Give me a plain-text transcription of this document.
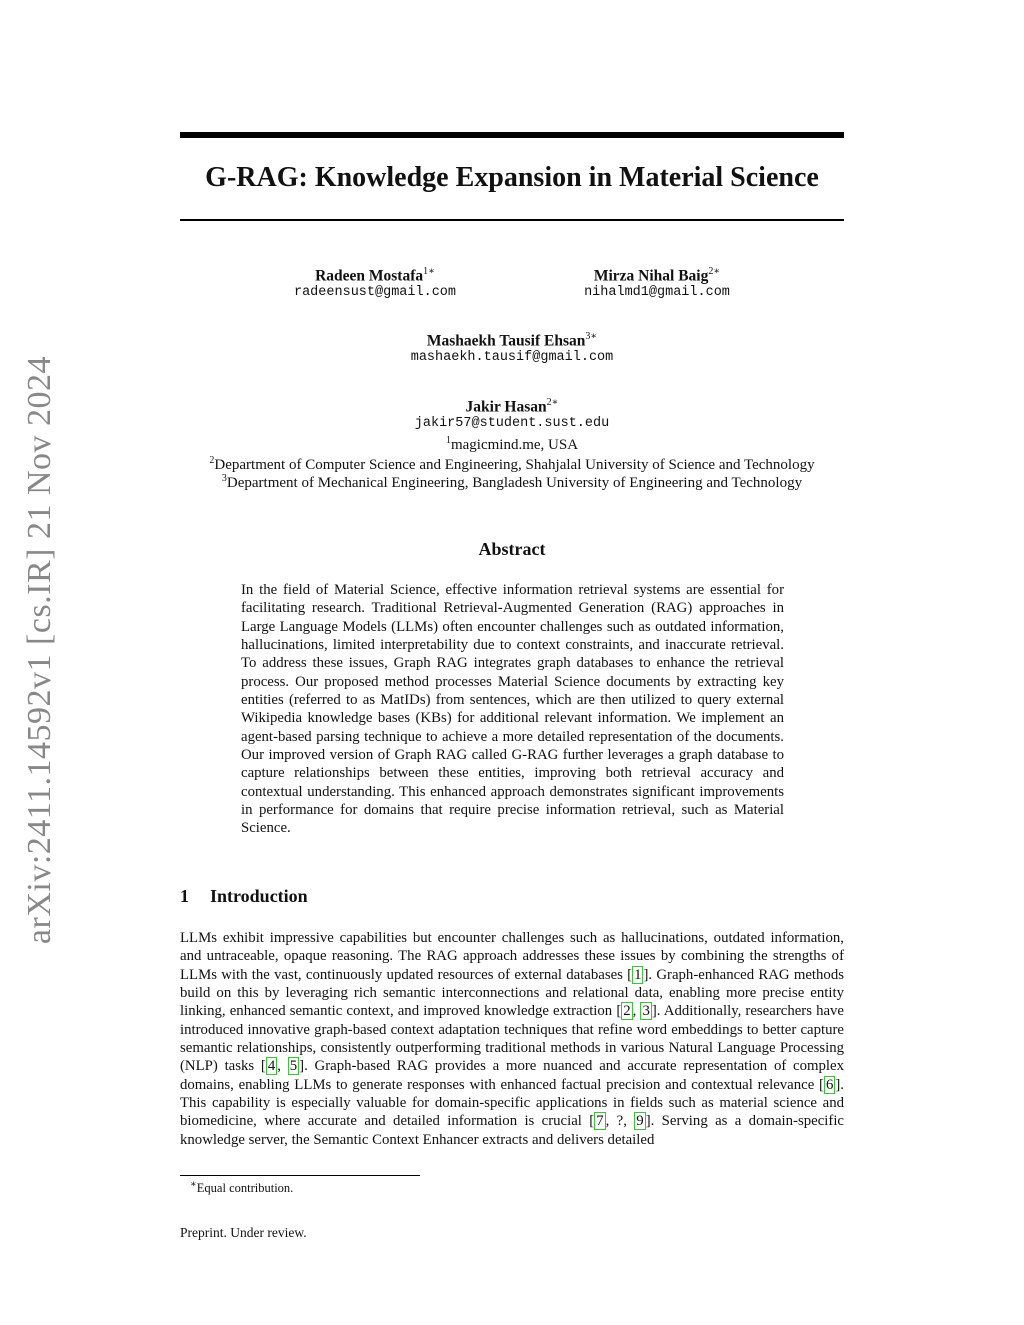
arXiv:2411.14592v1 [cs.IR] 21 Nov 2024
G-RAG: Knowledge Expansion in Material Science
Radeen Mostafa$^{1∗}$
radeensust@gmail.com
Mirza Nihal Baig$^{2∗}$
nihalmd1@gmail.com
Mashaekh Tausif Ehsan$^{3∗}$
mashaekh.tausif@gmail.com
Jakir Hasan$^{2∗}$
jakir57@student.sust.edu
$^1$magicmind.me, USA
$^2$Department of Computer Science and Engineering, Shahjalal University of Science and Technology
$^3$Department of Mechanical Engineering, Bangladesh University of Engineering and Technology
Abstract
In the field of Material Science, effective information retrieval systems are essential for facilitating research. Traditional Retrieval-Augmented Generation (RAG) approaches in Large Language Models (LLMs) often encounter challenges such as outdated information, hallucinations, limited interpretability due to context constraints, and inaccurate retrieval. To address these issues, Graph RAG integrates graph databases to enhance the retrieval process. Our proposed method processes Material Science documents by extracting key entities (referred to as MatIDs) from sentences, which are then utilized to query external Wikipedia knowledge bases (KBs) for additional relevant information. We implement an agent-based parsing technique to achieve a more detailed representation of the documents. Our improved version of Graph RAG called G-RAG further leverages a graph database to capture relationships between these entities, improving both retrieval accuracy and contextual understanding. This enhanced approach demonstrates significant improvements in performance for domains that require precise information retrieval, such as Material Science.
1 Introduction
LLMs exhibit impressive capabilities but encounter challenges such as hallucinations, outdated information, and untraceable, opaque reasoning. The RAG approach addresses these issues by combining the strengths of LLMs with the vast, continuously updated resources of external databases [ 1 ]. Graph-enhanced RAG methods build on this by leveraging rich semantic interconnections and relational data, enabling more precise entity linking, enhanced semantic context, and improved knowledge extraction [ 2 , 3 ]. Additionally, researchers have introduced innovative graph-based context adaptation techniques that refine word embeddings to better capture semantic relationships, consistently outperforming traditional methods in various Natural Language Processing (NLP) tasks [ 4 , 5 ]. Graph-based RAG provides a more nuanced and accurate representation of complex domains, enabling LLMs to generate responses with enhanced factual precision and contextual relevance [ 6 ]. This capability is especially valuable for domain-specific applications in fields such as material science and biomedicine, where accurate and detailed information is crucial [ 7 , ?, 9 ]. Serving as a domain-specific knowledge server, the Semantic Context Enhancer extracts and delivers detailed
∗Equal contribution.
Preprint. Under review.
